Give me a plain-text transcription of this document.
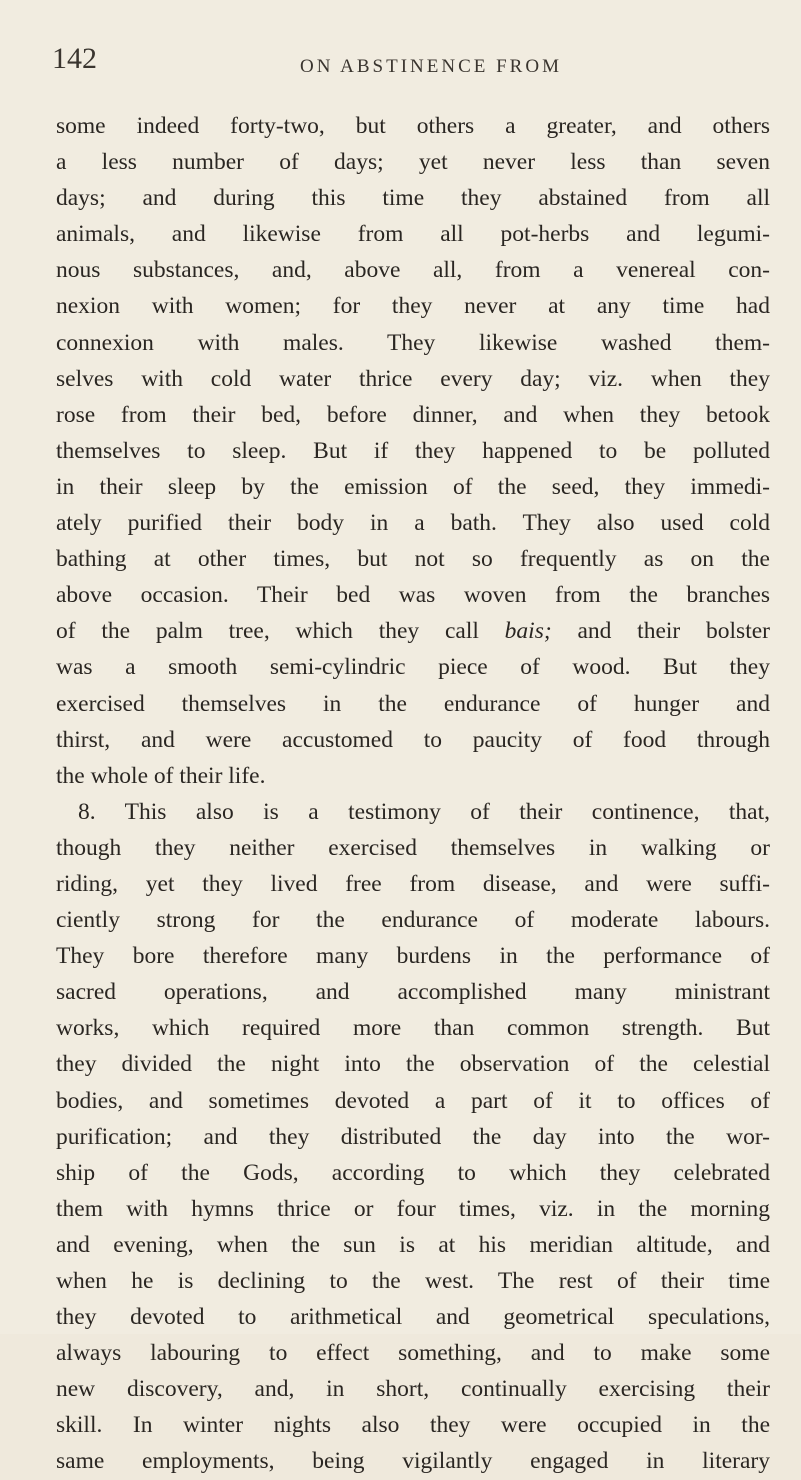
142	ON ABSTINENCE FROM
some indeed forty-two, but others a greater, and others
a less number of days; yet never less than seven
days; and during this time they abstained from all
animals, and likewise from all pot-herbs and legumi-
nous substances, and, above all, from a venereal con-
nexion with women; for they never at any time had
connexion with males. They likewise washed them-
selves with cold water thrice every day; viz. when they
rose from their bed, before dinner, and when they betook
themselves to sleep. But if they happened to be polluted
in their sleep by the emission of the seed, they immedi-
ately purified their body in a bath. They also used cold
bathing at other times, but not so frequently as on the
above occasion. Their bed was woven from the branches
of the palm tree, which they call bais; and their bolster
was a smooth semi-cylindric piece of wood. But they
exercised themselves in the endurance of hunger and
thirst, and were accustomed to paucity of food through
the whole of their life.
8. This also is a testimony of their continence, that,
though they neither exercised themselves in walking or
riding, yet they lived free from disease, and were suffi-
ciently strong for the endurance of moderate labours.
They bore therefore many burdens in the performance of
sacred operations, and accomplished many ministrant
works, which required more than common strength. But
they divided the night into the observation of the celestial
bodies, and sometimes devoted a part of it to offices of
purification; and they distributed the day into the wor-
ship of the Gods, according to which they celebrated
them with hymns thrice or four times, viz. in the morning
and evening, when the sun is at his meridian altitude, and
when he is declining to the west. The rest of their time
they devoted to arithmetical and geometrical speculations,
always labouring to effect something, and to make some
new discovery, and, in short, continually exercising their
skill. In winter nights also they were occupied in the
same employments, being vigilantly engaged in literary
